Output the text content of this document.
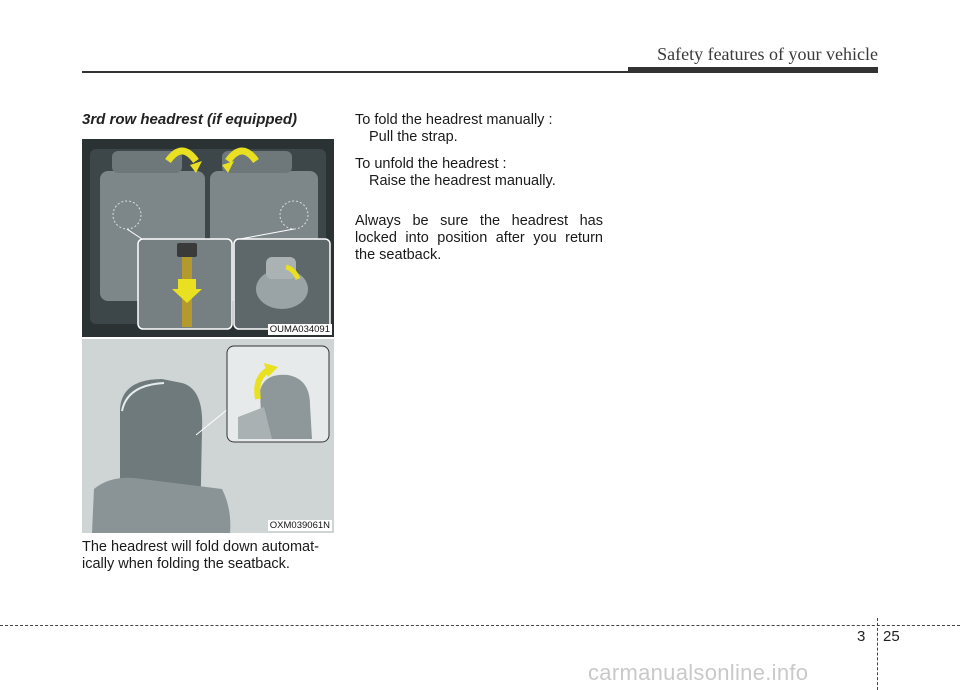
Safety features of your vehicle
3rd row headrest (if equipped)
OUMA034091
OXM039061N
The headrest will fold down automat-ically when folding the seatback.
To fold the headrest manually :
Pull the strap.
To unfold the headrest :
Raise the headrest manually.
Always be sure the headrest has locked into position after you return the seatback.
3 25
carmanualsonline.info
